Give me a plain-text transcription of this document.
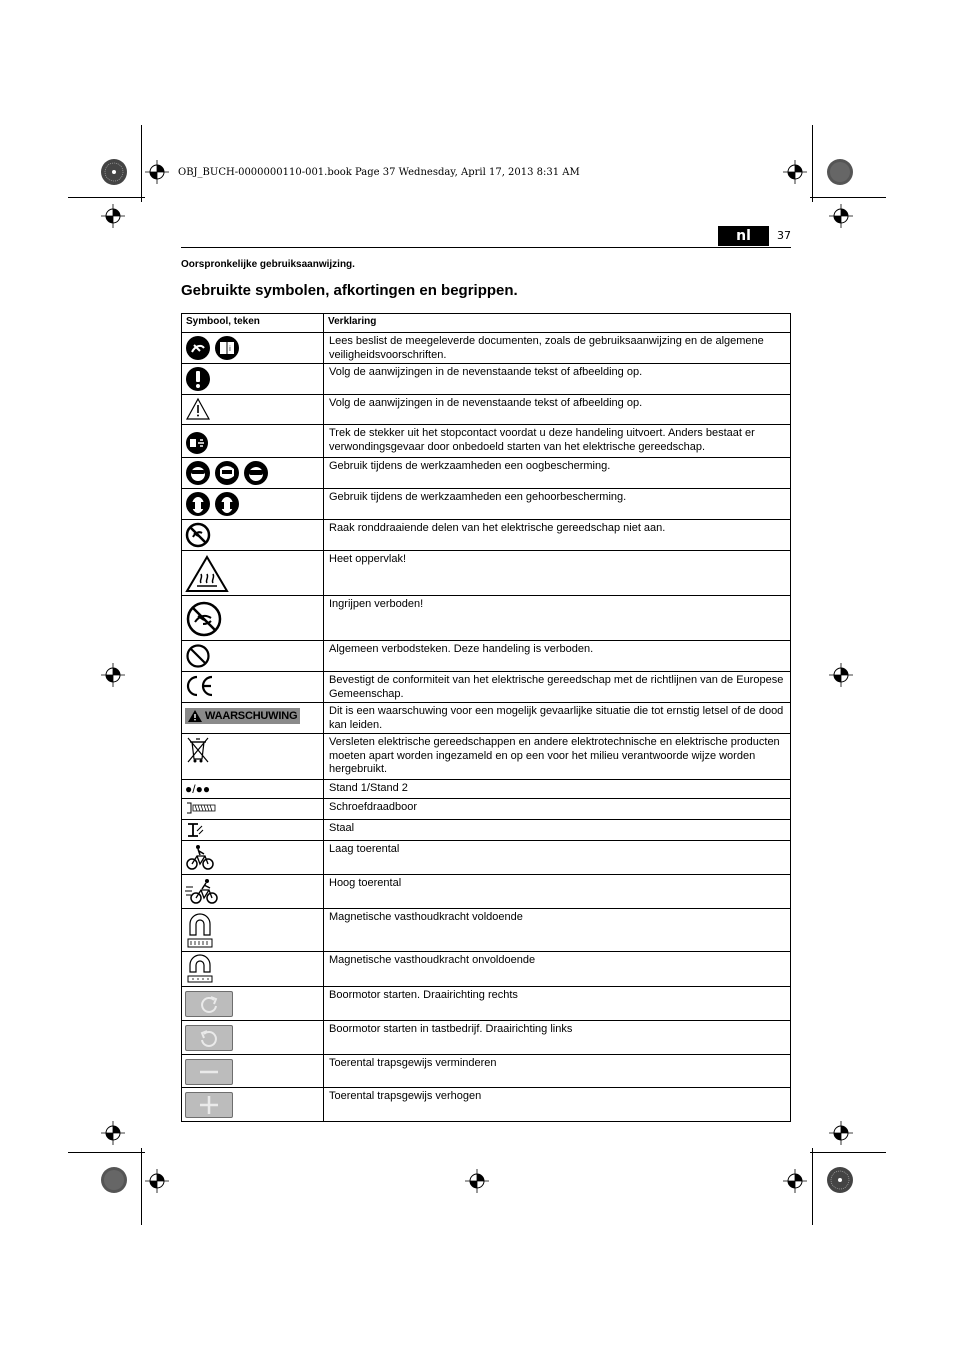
OBJ_BUCH-0000000110-001.book Page 37 Wednesday, April 17, 2013 8:31 AM
nl	37
Oorspronkelijke gebruiksaanwijzing.
Gebruikte symbolen, afkortingen en begrippen.
Symbool, teken	Verklaring

i	Lees beslist de meegeleverde documenten, zoals de gebruiksaanwijzing en de algemene veiligheidsvoorschriften.

	Volg de aanwijzingen in de nevenstaande tekst of afbeelding op.

	Volg de aanwijzingen in de nevenstaande tekst of afbeelding op.

	Trek de stekker uit het stopcontact voordat u deze handeling uitvoert. Anders bestaat er verwondingsgevaar door onbedoeld starten van het elektrische gereedschap.

	Gebruik tijdens de werkzaamheden een oogbescherming.

	Gebruik tijdens de werkzaamheden een gehoorbescherming.

	Raak ronddraaiende delen van het elektrische gereedschap niet aan.

	Heet oppervlak!

	Ingrijpen verboden!

	Algemeen verbodsteken. Deze handeling is verboden.

	Bevestigt de conformiteit van het elektrische gereedschap met de richtlijnen van de Europese Gemeenschap.

WAARSCHUWING	Dit is een waarschuwing voor een mogelijk gevaarlijke situatie die tot ernstig letsel of de dood kan leiden.

	Versleten elektrische gereedschappen en andere elektrotechnische en elektrische producten moeten apart worden ingezameld en op een voor het milieu verantwoorde wijze worden hergebruikt.

●/●●	Stand 1/Stand 2

	Schroefdraadboor

	Staal

	Laag toerental

	Hoog toerental

	Magnetische vasthoudkracht voldoende

	Magnetische vasthoudkracht onvoldoende

	Boormotor starten. Draairichting rechts

	Boormotor starten in tastbedrijf. Draairichting links

	Toerental trapsgewijs verminderen

	Toerental trapsgewijs verhogen
